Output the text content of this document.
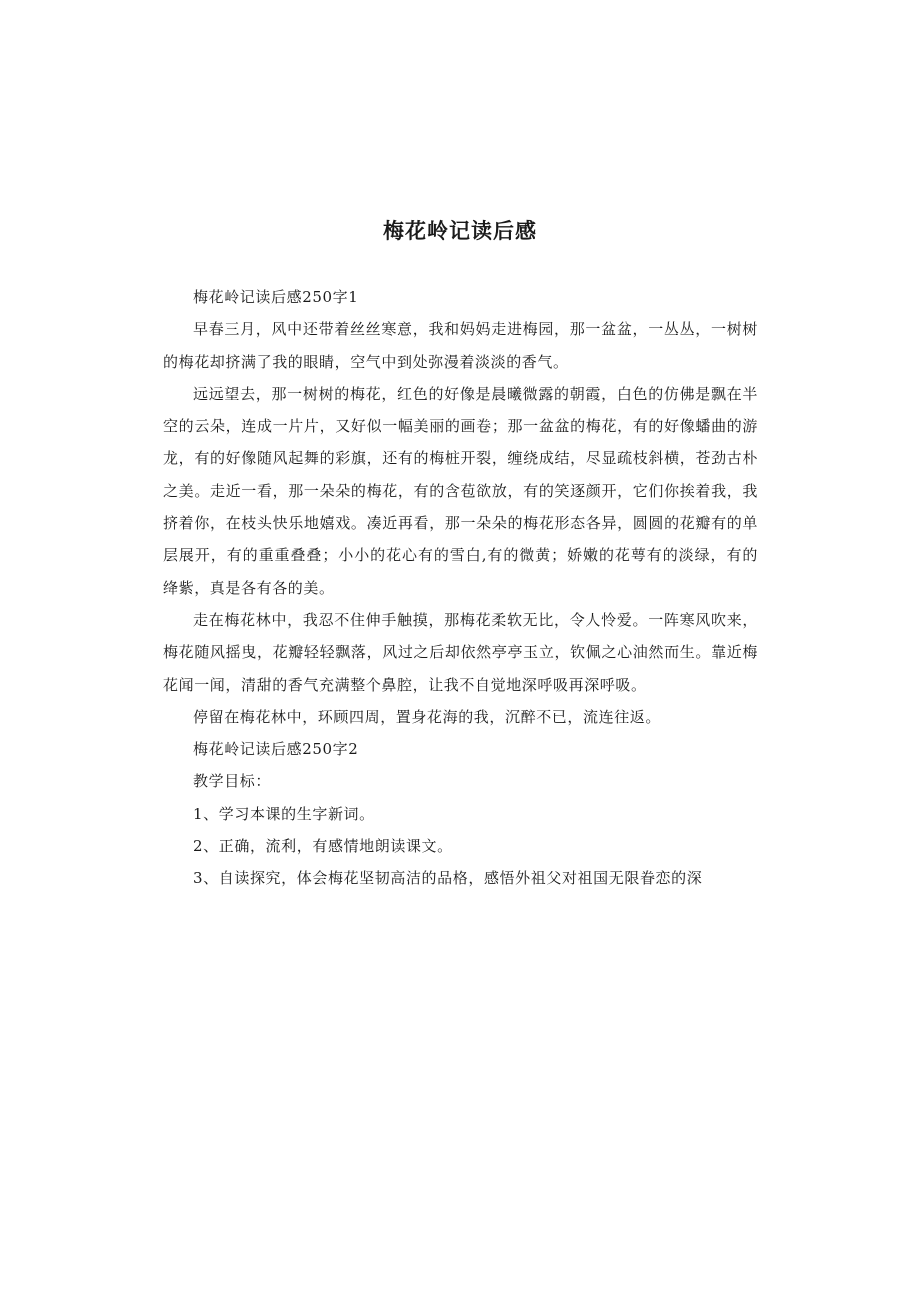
梅花岭记读后感

梅花岭记读后感250字1

早春三月，风中还带着丝丝寒意，我和妈妈走进梅园，那一盆盆，一丛丛，一树树的梅花却挤满了我的眼睛，空气中到处弥漫着淡淡的香气。

远远望去，那一树树的梅花，红色的好像是晨曦微露的朝霞，白色的仿佛是飘在半空的云朵，连成一片片，又好似一幅美丽的画卷；那一盆盆的梅花，有的好像蟠曲的游龙，有的好像随风起舞的彩旗，还有的梅桩开裂，缠绕成结，尽显疏枝斜横，苍劲古朴之美。走近一看，那一朵朵的梅花，有的含苞欲放，有的笑逐颜开，它们你挨着我，我挤着你，在枝头快乐地嬉戏。凑近再看，那一朵朵的梅花形态各异，圆圆的花瓣有的单层展开，有的重重叠叠；小小的花心有的雪白,有的微黄；娇嫩的花萼有的淡绿，有的绛紫，真是各有各的美。

走在梅花林中，我忍不住伸手触摸，那梅花柔软无比，令人怜爱。一阵寒风吹来，梅花随风摇曳，花瓣轻轻飘落，风过之后却依然亭亭玉立，钦佩之心油然而生。靠近梅花闻一闻，清甜的香气充满整个鼻腔，让我不自觉地深呼吸再深呼吸。

停留在梅花林中，环顾四周，置身花海的我，沉醉不已，流连往返。

梅花岭记读后感250字2

教学目标：

1、学习本课的生字新词。

2、正确，流利，有感情地朗读课文。

3、自读探究，体会梅花坚韧高洁的品格，感悟外祖父对祖国无限眷恋的深
